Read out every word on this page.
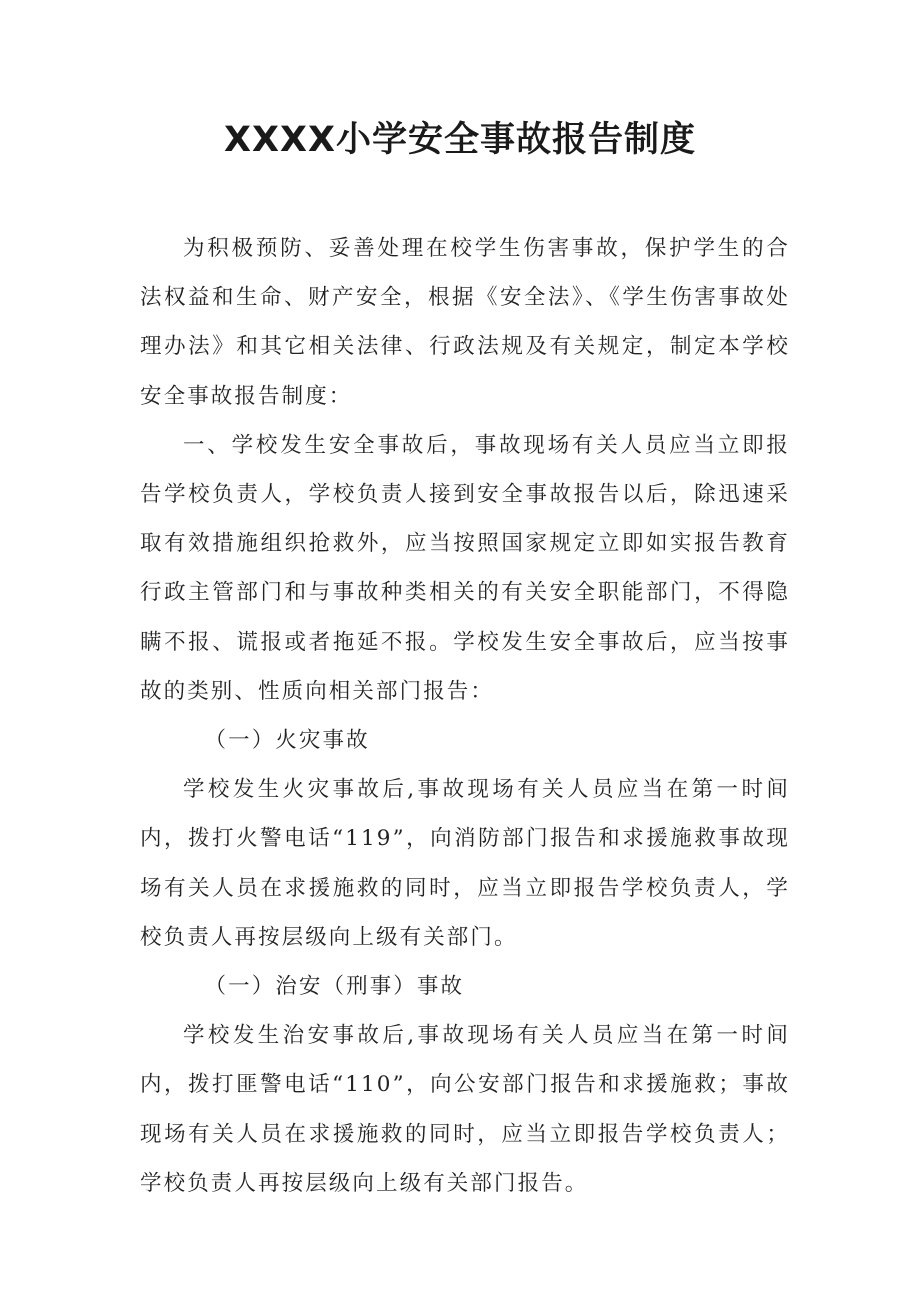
XXXX小学安全事故报告制度

为积极预防、妥善处理在校学生伤害事故，保护学生的合法权益和生命、财产安全，根据《安全法》、《学生伤害事故处理办法》和其它相关法律、行政法规及有关规定，制定本学校安全事故报告制度：

一、学校发生安全事故后，事故现场有关人员应当立即报告学校负责人，学校负责人接到安全事故报告以后，除迅速采取有效措施组织抢救外，应当按照国家规定立即如实报告教育行政主管部门和与事故种类相关的有关安全职能部门，不得隐瞒不报、谎报或者拖延不报。学校发生安全事故后，应当按事故的类别、性质向相关部门报告：

（一）火灾事故

学校发生火灾事故后,事故现场有关人员应当在第一时间内，拨打火警电话“119”，向消防部门报告和求援施救事故现场有关人员在求援施救的同时，应当立即报告学校负责人，学校负责人再按层级向上级有关部门。

（一）治安（刑事）事故

学校发生治安事故后,事故现场有关人员应当在第一时间内，拨打匪警电话“110”，向公安部门报告和求援施救；事故现场有关人员在求援施救的同时，应当立即报告学校负责人；学校负责人再按层级向上级有关部门报告。
